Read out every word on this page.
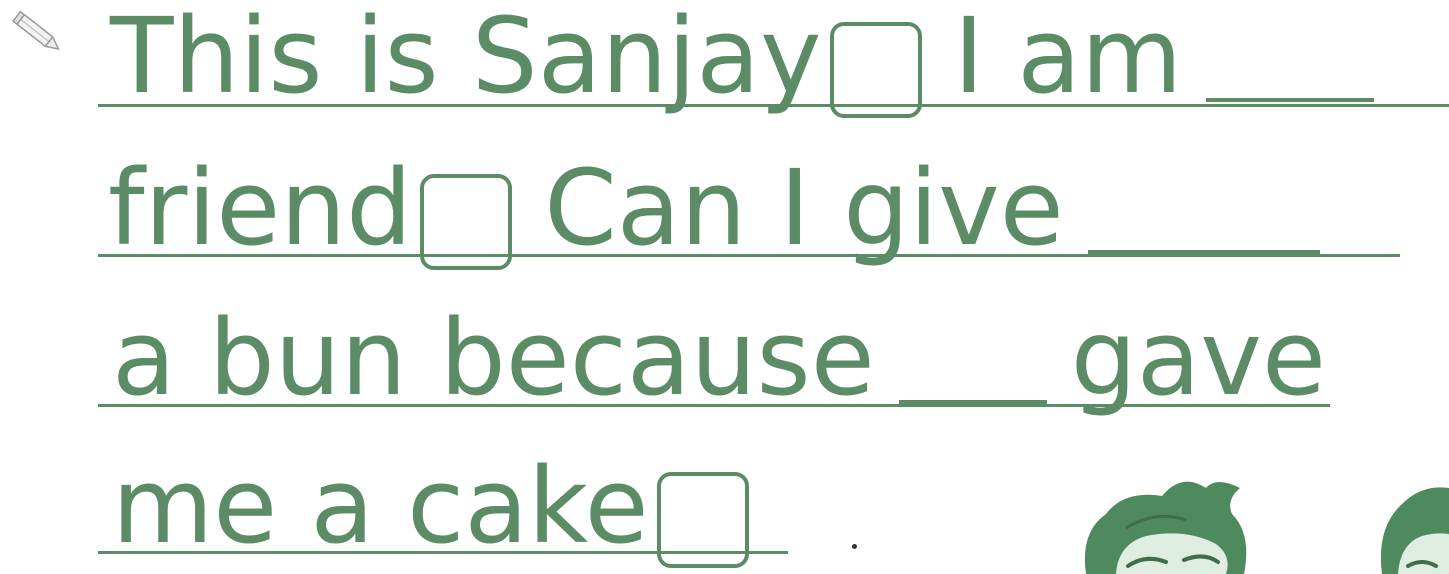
This is Sanjay I am
friend Can I give
a bun because gave
me a cake
